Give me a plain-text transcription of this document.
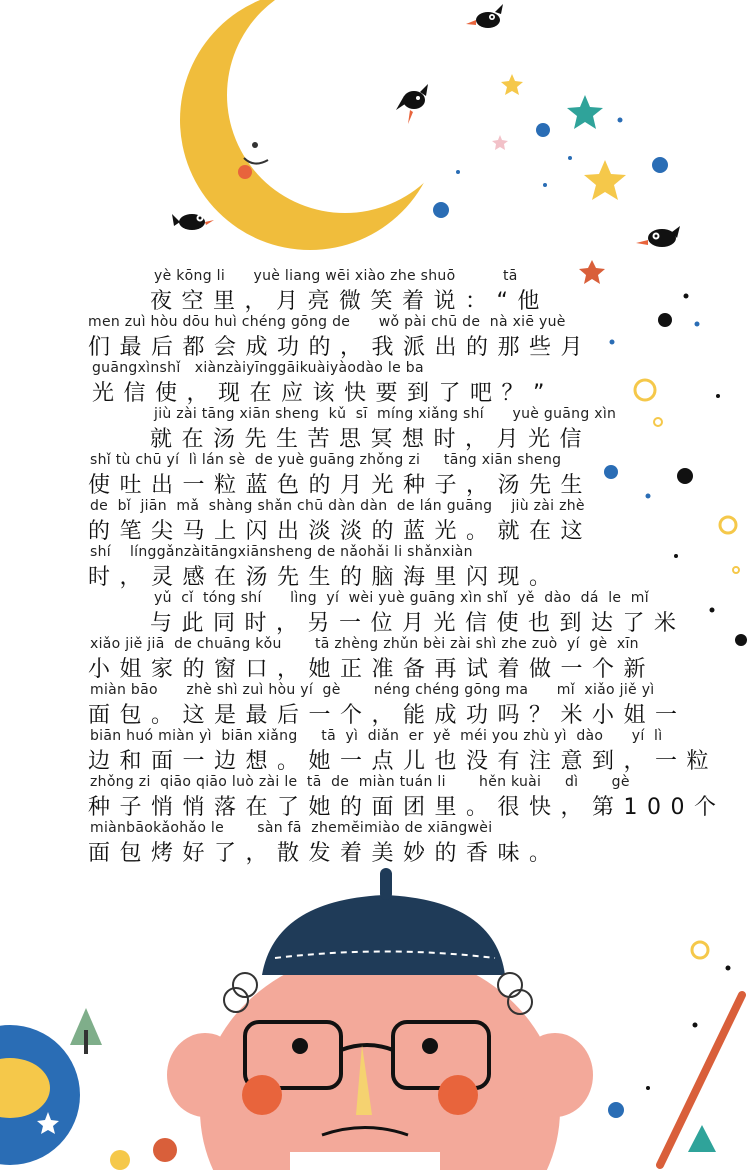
yè kōng li      yuè liang wēi xiào zhe shuō          tā
夜空里，月亮微笑着说：“他
men zuì hòu dōu huì chéng gōng de      wǒ pài chū de  nà xiē yuè
们最后都会成功的，我派出的那些月
guāngxìnshǐ   xiànzàiyīnggāikuàiyàodào le ba
光信使，现在应该快要到了吧？”
jiù zài tāng xiān sheng  kǔ  sī  míng xiǎng shí      yuè guāng xìn
就在汤先生苦思冥想时，月光信
shǐ tù chū yí  lì lán sè  de yuè guāng zhǒng zi     tāng xiān sheng
使吐出一粒蓝色的月光种子，汤先生
de  bǐ  jiān  mǎ  shàng shǎn chū dàn dàn  de lán guāng    jiù zài zhè
的笔尖马上闪出淡淡的蓝光。就在这
shí    línggǎnzàitāngxiānsheng de nǎohǎi li shǎnxiàn
时，灵感在汤先生的脑海里闪现。
yǔ  cǐ  tóng shí      lìng  yí  wèi yuè guāng xìn shǐ  yě  dào  dá  le  mǐ
与此同时，另一位月光信使也到达了米
xiǎo jiě jiā  de chuāng kǒu       tā zhèng zhǔn bèi zài shì zhe zuò  yí  gè  xīn
小姐家的窗口，她正准备再试着做一个新
miàn bāo      zhè shì zuì hòu yí  gè       néng chéng gōng ma      mǐ  xiǎo jiě yì
面包。这是最后一个，能成功吗？米小姐一
biān huó miàn yì  biān xiǎng     tā  yì  diǎn  er  yě  méi you zhù yì  dào      yí  lì
边和面一边想。她一点儿也没有注意到，一粒
zhǒng zi  qiāo qiāo luò zài le  tā  de  miàn tuán li       hěn kuài     dì       gè
种子悄悄落在了她的面团里。很快，第100个
miànbāokǎohǎo le       sàn fā  zhemĕimiào de xiāngwèi
面包烤好了，散发着美妙的香味。
